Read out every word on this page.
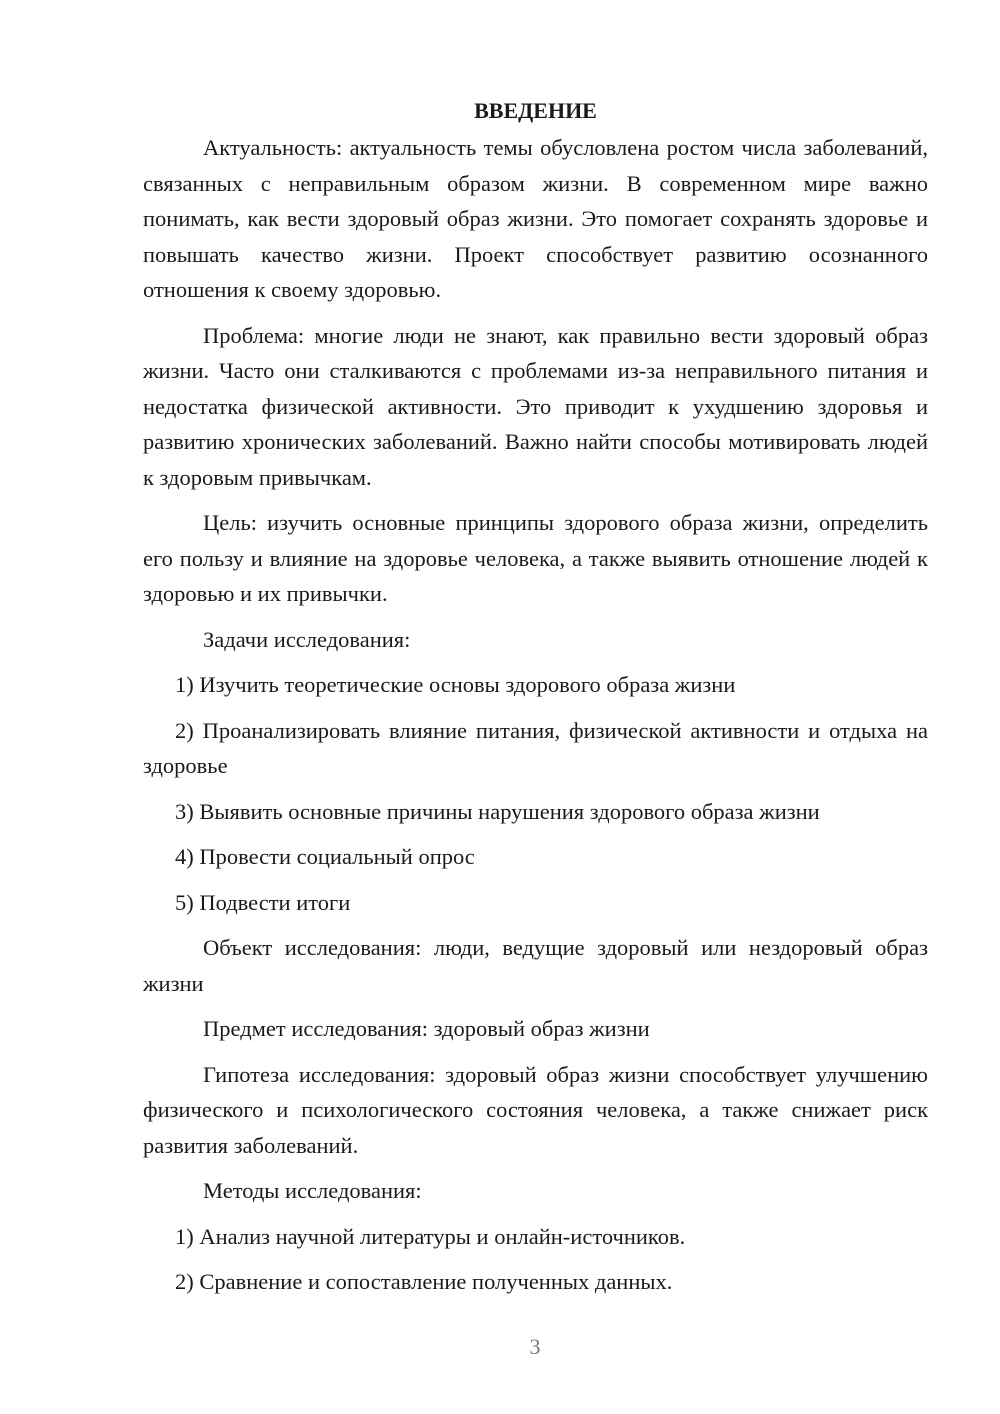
ВВЕДЕНИЕ

Актуальность: актуальность темы обусловлена ростом числа заболеваний, связанных с неправильным образом жизни. В современном мире важно понимать, как вести здоровый образ жизни. Это помогает сохранять здоровье и повышать качество жизни. Проект способствует развитию осознанного отношения к своему здоровью.

Проблема: многие люди не знают, как правильно вести здоровый образ жизни. Часто они сталкиваются с проблемами из-за неправильного питания и недостатка физической активности. Это приводит к ухудшению здоровья и развитию хронических заболеваний. Важно найти способы мотивировать людей к здоровым привычкам.

Цель: изучить основные принципы здорового образа жизни, определить его пользу и влияние на здоровье человека, а также выявить отношение людей к здоровью и их привычки.

Задачи исследования:

1) Изучить теоретические основы здорового образа жизни

2) Проанализировать влияние питания, физической активности и отдыха на здоровье

3) Выявить основные причины нарушения здорового образа жизни

4) Провести социальный опрос

5) Подвести итоги

Объект исследования: люди, ведущие здоровый или нездоровый образ жизни

Предмет исследования: здоровый образ жизни

Гипотеза исследования: здоровый образ жизни способствует улучшению физического и психологического состояния человека, а также снижает риск развития заболеваний.

Методы исследования:

1) Анализ научной литературы и онлайн-источников.

2) Сравнение и сопоставление полученных данных.

3
